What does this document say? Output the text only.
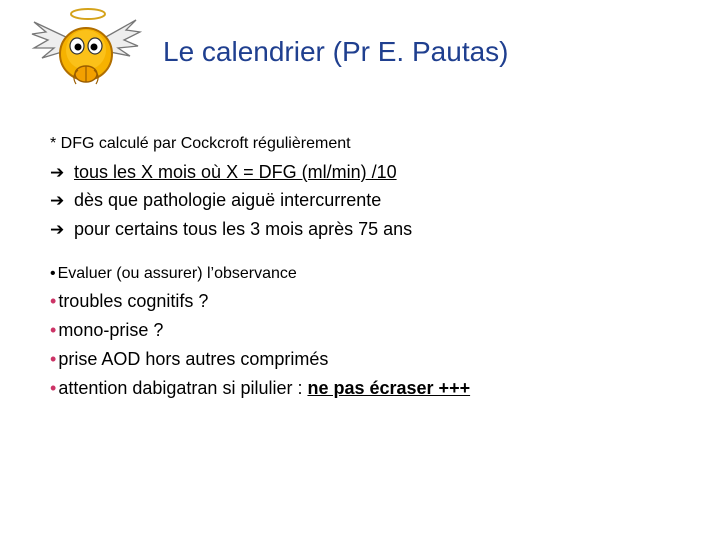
Le calendrier (Pr E. Pautas)
* DFG calculé par Cockcroft régulièrement
➔ tous les X mois où X = DFG (ml/min) /10
➔ dès que pathologie aiguë intercurrente
➔ pour certains tous les 3 mois après 75 ans
• Evaluer (ou assurer) l’observance
• troubles cognitifs ?
• mono-prise ?
• prise AOD hors autres comprimés
• attention dabigatran si pilulier : ne pas écraser +++
